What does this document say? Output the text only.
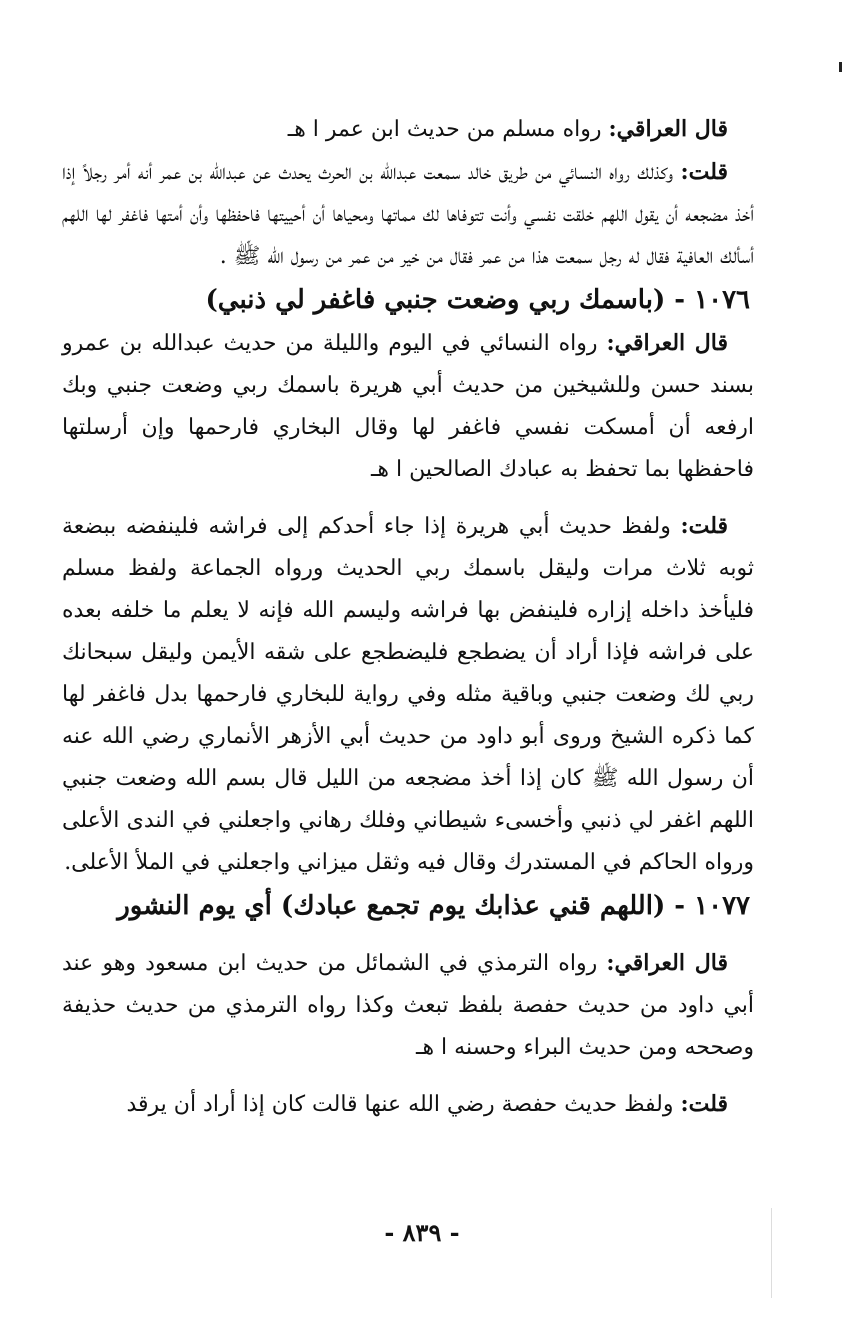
قال العراقي: رواه مسلم من حديث ابن عمر ا هـ

قلت: وكذلك رواه النسائي من طريق خالد سمعت عبدالله بن الحرث يحدث عن عبدالله بن عمر أنه أمر رجلاً إذا أخذ مضجعه أن يقول اللهم خلقت نفسي وأنت تتوفاها لك مماتها ومحياها أن أحييتها فاحفظها وأن أمتها فاغفر لها اللهم أسألك العافية فقال له رجل سمعت هذا من عمر فقال من خير من عمر من رسول الله ﷺ .

١٠٧٦ - (باسمك ربي وضعت جنبي فاغفر لي ذنبي)

قال العراقي: رواه النسائي في اليوم والليلة من حديث عبدالله بن عمرو بسند حسن وللشيخين من حديث أبي هريرة باسمك ربي وضعت جنبي وبك ارفعه أن أمسكت نفسي فاغفر لها وقال البخاري فارحمها وإن أرسلتها فاحفظها بما تحفظ به عبادك الصالحين ا هـ

قلت: ولفظ حديث أبي هريرة إذا جاء أحدكم إلى فراشه فلينفضه ببضعة ثوبه ثلاث مرات وليقل باسمك ربي الحديث ورواه الجماعة ولفظ مسلم فليأخذ داخله إزاره فلينفض بها فراشه وليسم الله فإنه لا يعلم ما خلفه بعده على فراشه فإذا أراد أن يضطجع فليضطجع على شقه الأيمن وليقل سبحانك ربي لك وضعت جنبي وباقية مثله وفي رواية للبخاري فارحمها بدل فاغفر لها كما ذكره الشيخ وروى أبو داود من حديث أبي الأزهر الأنماري رضي الله عنه أن رسول الله ﷺ كان إذا أخذ مضجعه من الليل قال بسم الله وضعت جنبي اللهم اغفر لي ذنبي وأخسىء شيطاني وفلك رهاني واجعلني في الندى الأعلى ورواه الحاكم في المستدرك وقال فيه وثقل ميزاني واجعلني في الملأ الأعلى.

١٠٧٧ - (اللهم قني عذابك يوم تجمع عبادك) أي يوم النشور

قال العراقي: رواه الترمذي في الشمائل من حديث ابن مسعود وهو عند أبي داود من حديث حفصة بلفظ تبعث وكذا رواه الترمذي من حديث حذيفة وصححه ومن حديث البراء وحسنه ا هـ

قلت: ولفظ حديث حفصة رضي الله عنها قالت كان إذا أراد أن يرقد

- ٨٣٩ -
